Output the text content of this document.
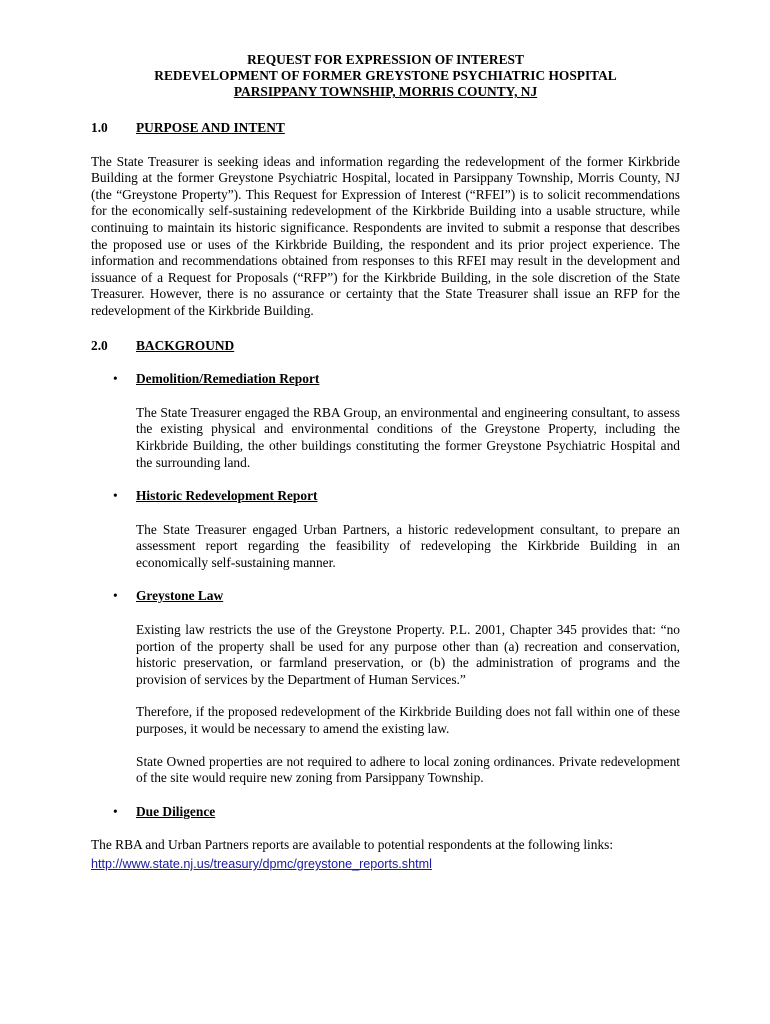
REQUEST FOR EXPRESSION OF INTEREST
REDEVELOPMENT OF FORMER GREYSTONE PSYCHIATRIC HOSPITAL
PARSIPPANY TOWNSHIP, MORRIS COUNTY, NJ
1.0	PURPOSE AND INTENT

The State Treasurer is seeking ideas and information regarding the redevelopment of the former Kirkbride Building at the former Greystone Psychiatric Hospital, located in Parsippany Township, Morris County, NJ (the “Greystone Property”). This Request for Expression of Interest (“RFEI”) is to solicit recommendations for the economically self-sustaining redevelopment of the Kirkbride Building into a usable structure, while continuing to maintain its historic significance. Respondents are invited to submit a response that describes the proposed use or uses of the Kirkbride Building, the respondent and its prior project experience. The information and recommendations obtained from responses to this RFEI may result in the development and issuance of a Request for Proposals (“RFP”) for the Kirkbride Building, in the sole discretion of the State Treasurer. However, there is no assurance or certainty that the State Treasurer shall issue an RFP for the redevelopment of the Kirkbride Building.

2.0	BACKGROUND
•	Demolition/Remediation Report

The State Treasurer engaged the RBA Group, an environmental and engineering consultant, to assess the existing physical and environmental conditions of the Greystone Property, including the Kirkbride Building, the other buildings constituting the former Greystone Psychiatric Hospital and the surrounding land.

•	Historic Redevelopment Report

The State Treasurer engaged Urban Partners, a historic redevelopment consultant, to prepare an assessment report regarding the feasibility of redeveloping the Kirkbride Building in an economically self-sustaining manner.

•	Greystone Law

Existing law restricts the use of the Greystone Property. P.L. 2001, Chapter 345 provides that: “no portion of the property shall be used for any purpose other than (a) recreation and conservation, historic preservation, or farmland preservation, or (b) the administration of programs and the provision of services by the Department of Human Services.”

Therefore, if the proposed redevelopment of the Kirkbride Building does not fall within one of these purposes, it would be necessary to amend the existing law.

State Owned properties are not required to adhere to local zoning ordinances. Private redevelopment of the site would require new zoning from Parsippany Township.

•	Due Diligence

The RBA and Urban Partners reports are available to potential respondents at the following links:

http://www.state.nj.us/treasury/dpmc/greystone_reports.shtml
